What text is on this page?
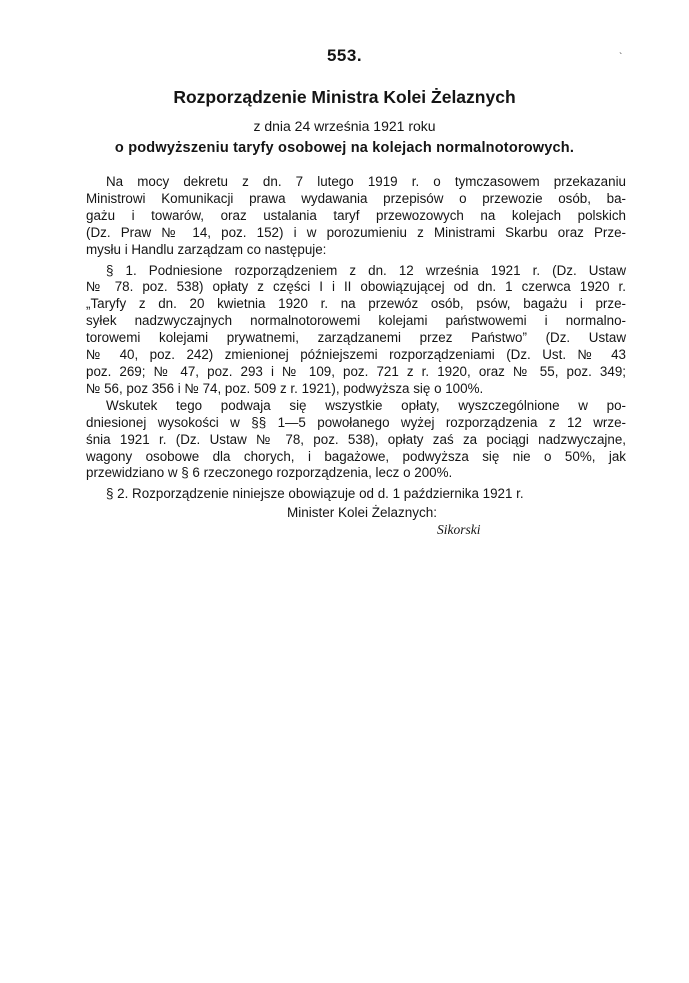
553.	`
Rozporządzenie Ministra Kolei Żelaznych
z dnia 24 września 1921 roku
o podwyższeniu taryfy osobowej na kolejach normalnotorowych.
Na mocy dekretu z dn. 7 lutego 1919 r. o tymczasowem przekazaniu
Ministrowi Komunikacji prawa wydawania przepisów o przewozie osób, ba-
gażu i towarów, oraz ustalania taryf przewozowych na kolejach polskich
(Dz. Praw № 14, poz. 152) i w porozumieniu z Ministrami Skarbu oraz Prze-
mysłu i Handlu zarządzam co następuje:
§ 1. Podniesione rozporządzeniem z dn. 12 września 1921 r. (Dz. Ustaw
№ 78. poz. 538) opłaty z części I i II obowiązującej od dn. 1 czerwca 1920 r.
„Taryfy z dn. 20 kwietnia 1920 r. na przewóz osób, psów, bagażu i prze-
syłek nadzwyczajnych normalnotorowemi kolejami państwowemi i normalno-
torowemi kolejami prywatnemi, zarządzanemi przez Państwo” (Dz. Ustaw
№ 40, poz. 242) zmienionej późniejszemi rozporządzeniami (Dz. Ust. № 43
poz. 269; № 47, poz. 293 i № 109, poz. 721 z r. 1920, oraz № 55, poz. 349;
№ 56, poz 356 i № 74, poz. 509 z r. 1921), podwyższa się o 100%.
Wskutek tego podwaja się wszystkie opłaty, wyszczególnione w po-
dniesionej wysokości w §§ 1—5 powołanego wyżej rozporządzenia z 12 wrze-
śnia 1921 r. (Dz. Ustaw № 78, poz. 538), opłaty zaś za pociągi nadzwyczajne,
wagony osobowe dla chorych, i bagażowe, podwyższa się nie o 50%, jak
przewidziano w § 6 rzeczonego rozporządzenia, lecz o 200%.
§ 2. Rozporządzenie niniejsze obowiązuje od d. 1 października 1921 r.
Minister Kolei Żelaznych:
Sikorski
